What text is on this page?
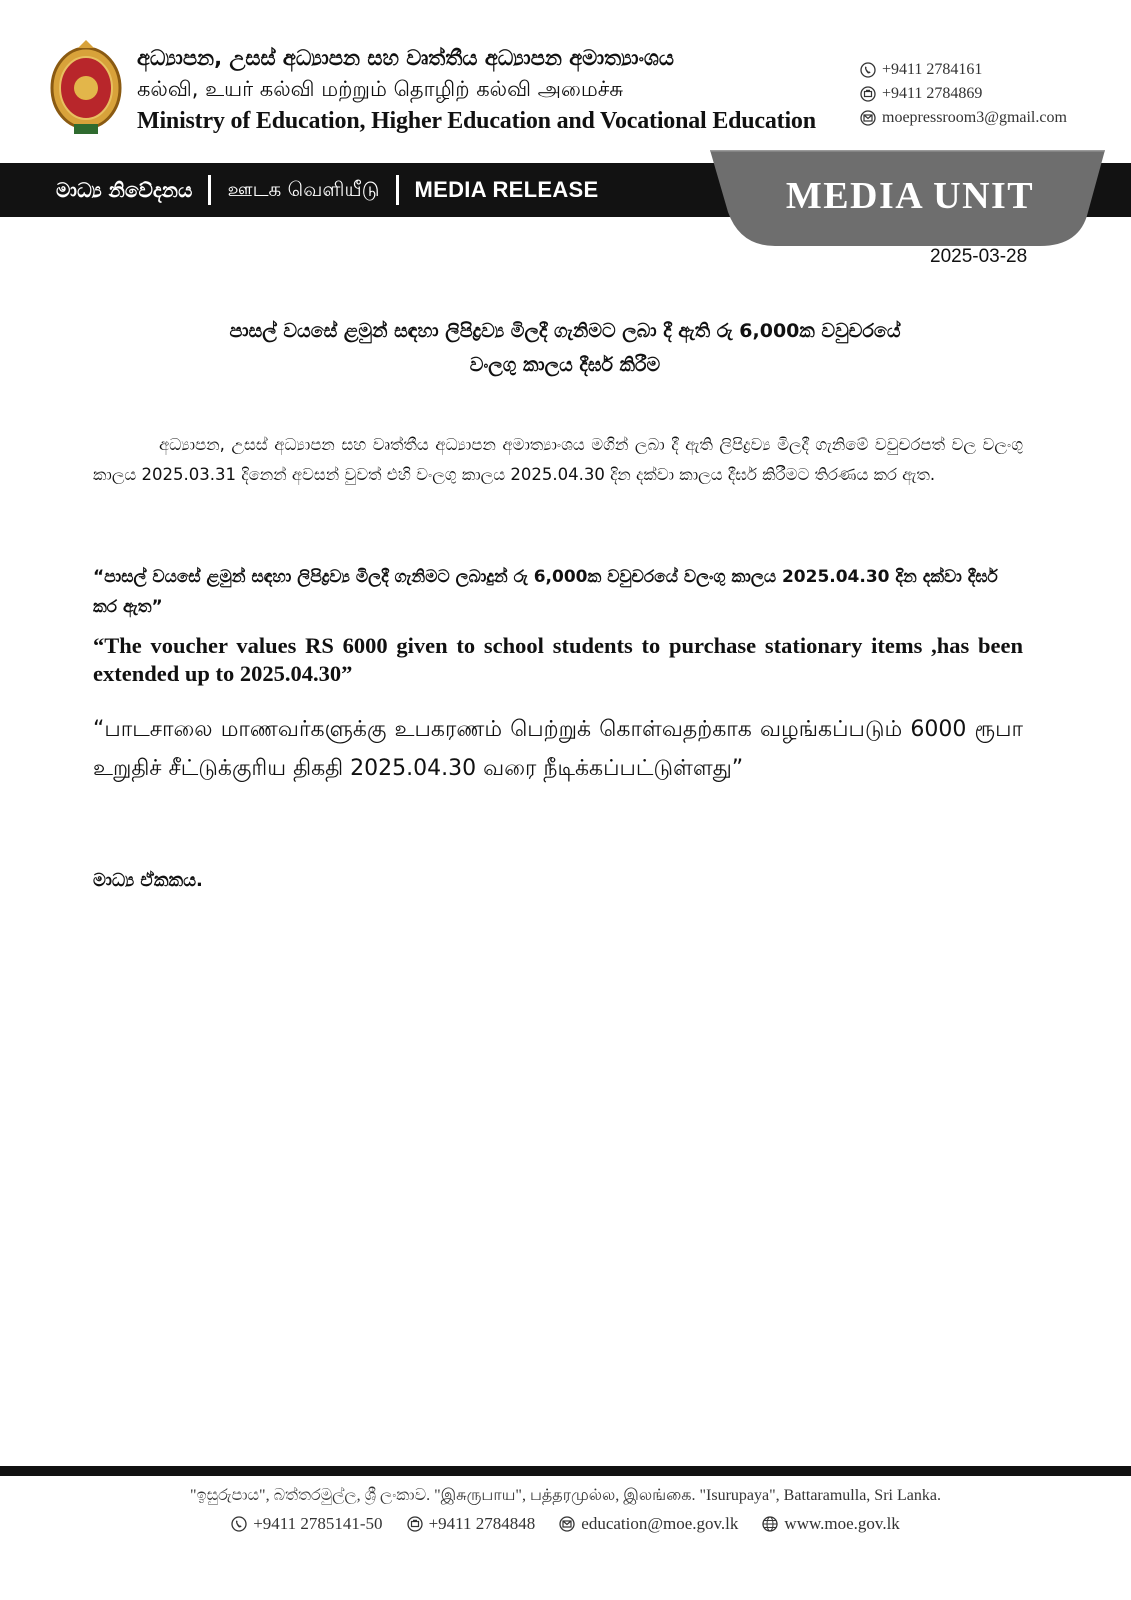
අධ්‍යාපන, උසස් අධ්‍යාපන සහ වෘත්තීය අධ්‍යාපන අමාත්‍යාංශය
கல்வி, உயர் கல்வி மற்றும் தொழிற் கல்வி அமைச்சு
Ministry of Education, Higher Education and Vocational Education
+9411 2784161
+9411 2784869
moepressroom3@gmail.com
මාධ්‍ය නිවේදනය ஊடக வெளியீடு MEDIA RELEASE	MEDIA UNIT
2025-03-28
පාසල් වයසේ ළමුන් සඳහා ලිපිද්‍රව්‍ය මිලදී ගැනිමට ලබා දී ඇති රු 6,000ක වවුචරයේ
වංලගු කාලය දීර්ඝ කිරීම
අධ්‍යාපන, උසස් අධ්‍යාපන සහ වෘත්තීය අධ්‍යාපන අමාත්‍යාංශය මගින් ලබා දී ඇති ලිපිද්‍රව්‍ය මිලදී ගැනිමේ වවුචරපත් වල වලංගු කාලය 2025.03.31 දිනෙන් අවසන් වුවත් එහි වංලගු කාලය 2025.04.30 දින දක්වා කාලය දීර්ඝ කිරීමට තිරණය කර ඇත.
“පාසල් වයසේ ළමුන් සඳහා ලිපිද්‍රව්‍ය මිලදී ගැනිමට ලබාදුන් රු 6,000ක වවුචරයේ වලංගු කාලය 2025.04.30 දින දක්වා දීර්ඝ කර ඇත”
“The voucher values RS 6000 given to school students to purchase stationary items ,has been extended up to 2025.04.30”
“பாடசாலை மாணவர்களுக்கு உபகரணம் பெற்றுக் கொள்வதற்காக வழங்கப்படும் 6000 ரூபா உறுதிச் சீட்டுக்குரிய திகதி 2025.04.30 வரை நீடிக்கப்பட்டுள்ளது”
මාධ්‍ය ඒකකය.
"ඉසුරුපාය", බත්තරමුල්ල, ශ්‍රී ලංකාව. "இசுருபாய", பத்தரமுல்ல, இலங்கை. "Isurupaya", Battaramulla, Sri Lanka.
+9411 2785141-50	+9411 2784848	education@moe.gov.lk	www.moe.gov.lk
